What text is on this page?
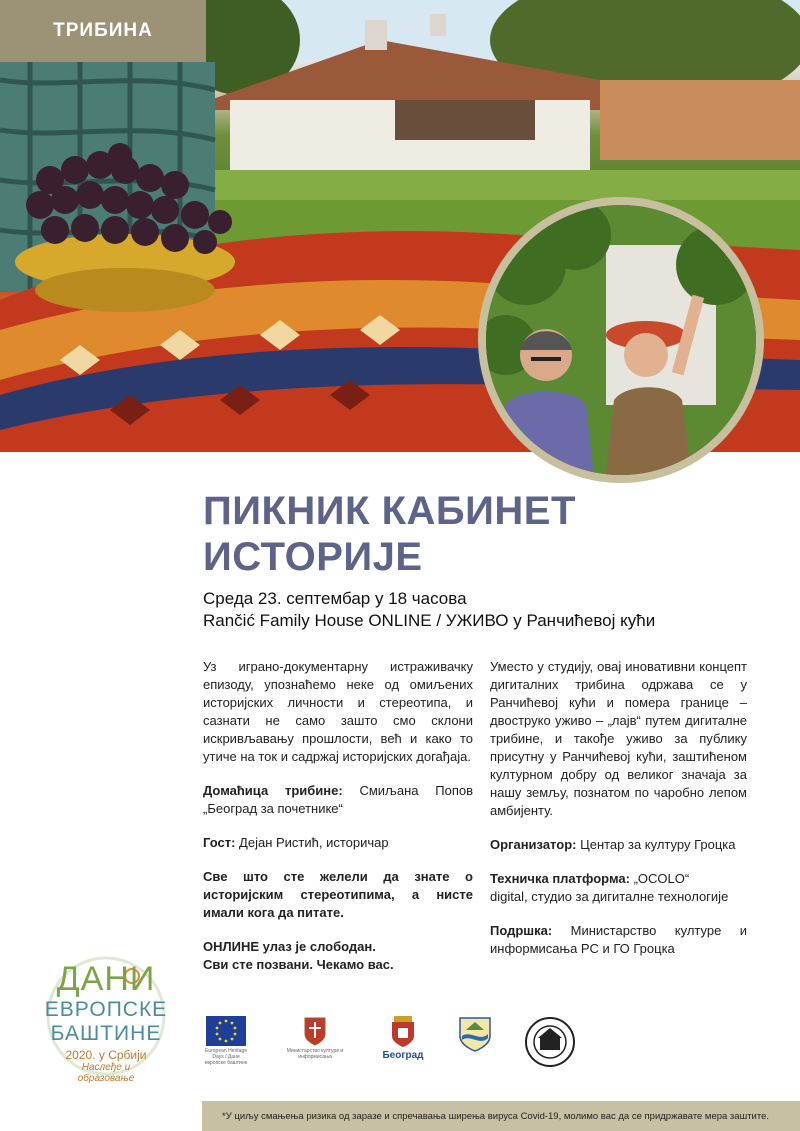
ТРИБИНА
ПИКНИК КАБИНЕТ
ИСТОРИЈЕ
Среда 23. септембар у 18 часова
Rančić Family House ONLINE / УЖИВО у Ранчићевој кући

Уз играно-документарну истраживачку епизоду, упознаћемо неке од омиљених историјских личности и стереотипа, и сазнати не само зашто смо склони искривљавању прошлости, већ и како то утиче на ток и садржај историјских догађаја.

Домаћица трибине: Смиљана Попов „Београд за почетнике“

Гост: Дејан Ристић, историчар

Све што сте желели да знате о историјским стереотипима, а нисте имали кога да питате.

ОНЛИНЕ улаз је слободан.
Сви сте позвани. Чекамо вас.

Уместо у студију, овај иновативни концепт дигиталних трибина одржава се у Ранчићевој кући и помера границе – двоструко уживо – „лајв“ путем дигиталне трибине, и такође уживо за публику присутну у Ранчићевој кући, заштићеном културном добру од великог значаја за нашу земљу, познатом по чаробно лепом амбијенту.

Организатор: Центар за културу Гроцка

Техничка платформа: „OCOLO“
digital, студио за дигиталне технологије

Подршка: Министарство културе и информисања РС и ГО Гроцка

ДАНИ
ЕВРОПСКЕ
БАШТИНЕ
2020. у Србији
Наслеђе и
образовање
European Heritage Days / Дани европске баштине
Министарство културе и информисања	Београд
*У циљу смањења ризика од заразе и спречавања ширења вируса Covid-19, молимо вас да се придржавате мера заштите.
